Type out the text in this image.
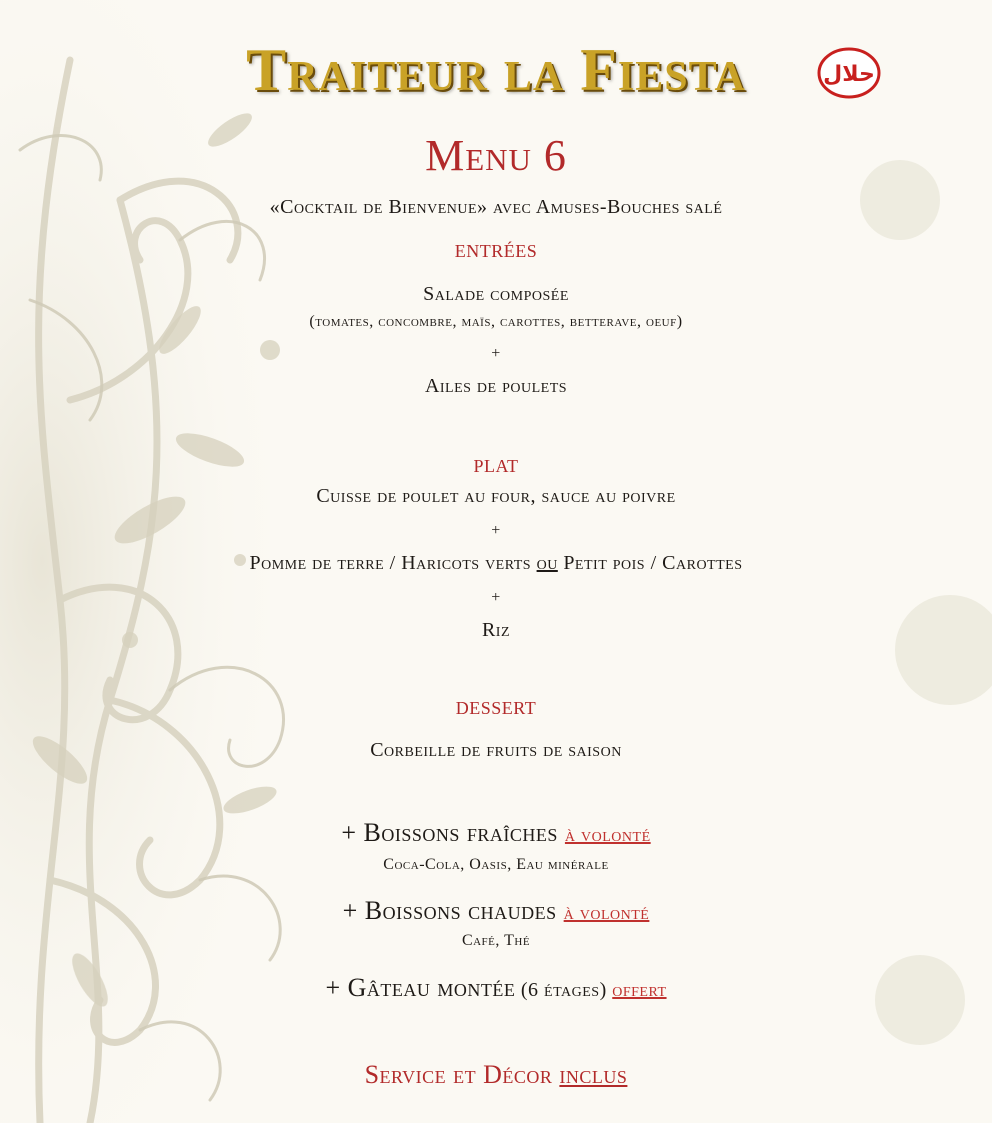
Traiteur la Fiesta	حلال
Menu 6
«Cocktail de Bienvenue» avec Amuses-Bouches salé
entrées
Salade composée
(tomates, concombre, maïs, carottes, betterave, oeuf)
+
Ailes de poulets
plat
Cuisse de poulet au four, sauce au poivre
+
Pomme de terre / Haricots verts ou Petit pois / Carottes
+
Riz
dessert
Corbeille de fruits de saison
+ Boissons fraîches à volonté
Coca-Cola, Oasis, Eau minérale
+ Boissons chaudes à volonté
Café, Thé
+ Gâteau montée (6 étages) offert
Service et Décor inclus
